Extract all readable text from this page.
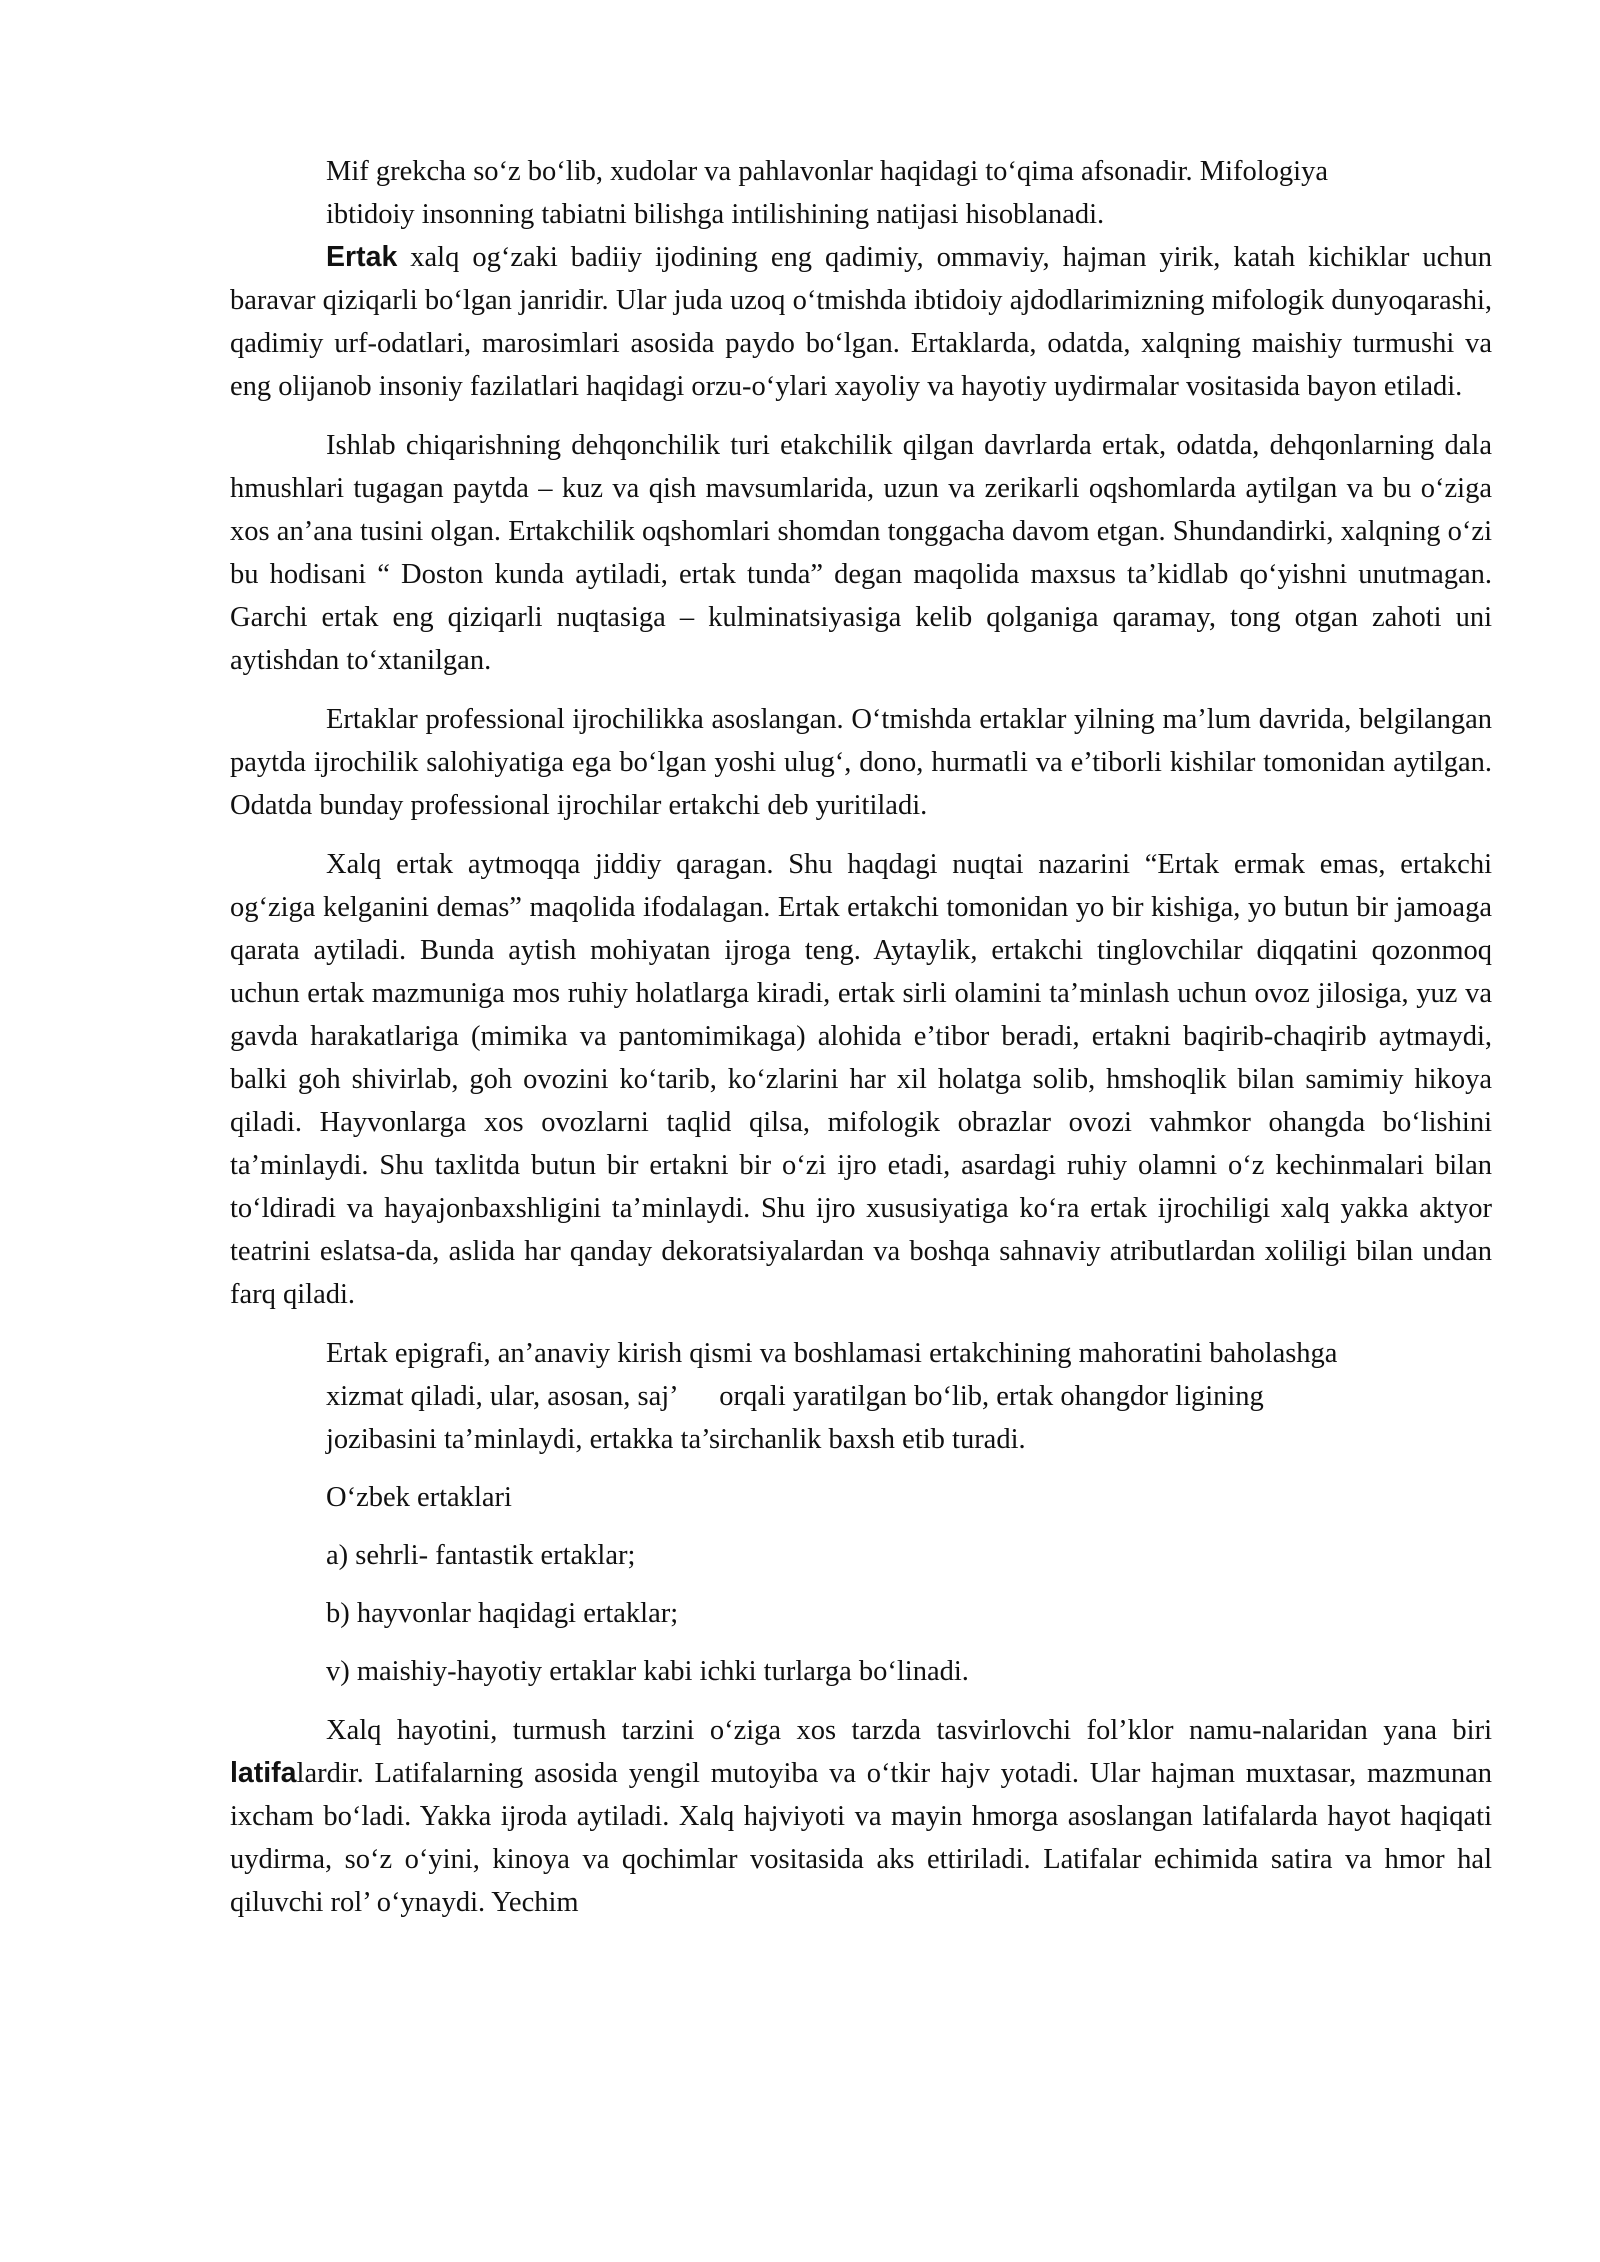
Mif grekcha so‘z bo‘lib, xudolar va pahlavonlar haqidagi to‘qima afsonadir. Mifologiya

ibtidoiy insonning tabiatni bilishga intilishining natijasi hisoblanadi.

Ertak xalq og‘zaki badiiy ijodining eng qadimiy, ommaviy, hajman yirik, katah kichiklar uchun baravar qiziqarli bo‘lgan janridir. Ular juda uzoq o‘tmishda ibtidoiy ajdodlarimizning mifologik dunyoqarashi, qadimiy urf-odatlari, marosimlari asosida paydo bo‘lgan. Ertaklarda, odatda, xalqning maishiy turmushi va eng olijanob insoniy fazilatlari haqidagi orzu-o‘ylari xayoliy va hayotiy uydirmalar vositasida bayon etiladi.

Ishlab chiqarishning dehqonchilik turi etakchilik qilgan davrlarda ertak, odatda, dehqonlarning dala hmushlari tugagan paytda – kuz va qish mavsumlarida, uzun va zerikarli oqshomlarda aytilgan va bu o‘ziga xos an’ana tusini olgan. Ertakchilik oqshomlari shomdan tonggacha davom etgan. Shundandirki, xalqning o‘zi bu hodisani “ Doston kunda aytiladi, ertak tunda” degan maqolida maxsus ta’kidlab qo‘yishni unutmagan. Garchi ertak eng qiziqarli nuqtasiga – kulminatsiyasiga kelib qolganiga qaramay, tong otgan zahoti uni aytishdan to‘xtanilgan.

Ertaklar professional ijrochilikka asoslangan. O‘tmishda ertaklar yilning ma’lum davrida, belgilangan paytda ijrochilik salohiyatiga ega bo‘lgan yoshi ulug‘, dono, hurmatli va e’tiborli kishilar tomonidan aytilgan. Odatda bunday professional ijrochilar ertakchi deb yuritiladi.

Xalq ertak aytmoqqa jiddiy qaragan. Shu haqdagi nuqtai nazarini “Ertak ermak emas, ertakchi og‘ziga kelganini demas” maqolida ifodalagan. Ertak ertakchi tomonidan yo bir kishiga, yo butun bir jamoaga qarata aytiladi. Bunda aytish mohiyatan ijroga teng. Aytaylik, ertakchi tinglovchilar diqqatini qozonmoq uchun ertak mazmuniga mos ruhiy holatlarga kiradi, ertak sirli olamini ta’minlash uchun ovoz jilosiga, yuz va gavda harakatlariga (mimika va pantomimikaga) alohida e’tibor beradi, ertakni baqirib-chaqirib aytmaydi, balki goh shivirlab, goh ovozini ko‘tarib, ko‘zlarini har xil holatga solib, hmshoqlik bilan samimiy hikoya qiladi. Hayvonlarga xos ovozlarni taqlid qilsa, mifologik obrazlar ovozi vahmkor ohangda bo‘lishini ta’minlaydi. Shu taxlitda butun bir ertakni bir o‘zi ijro etadi, asardagi ruhiy olamni o‘z kechinmalari bilan to‘ldiradi va hayajonbaxshligini ta’minlaydi. Shu ijro xususiyatiga ko‘ra ertak ijrochiligi xalq yakka aktyor teatrini eslatsa-da, aslida har qanday dekoratsiyalardan va boshqa sahnaviy atributlardan xoliligi bilan undan farq qiladi.

Ertak epigrafi, an’anaviy kirish qismi va boshlamasi ertakchining mahoratini baholashga

xizmat qiladi, ular, asosan, saj’      orqali yaratilgan bo‘lib, ertak ohangdor ligining

jozibasini ta’minlaydi, ertakka ta’sirchanlik baxsh etib turadi.

O‘zbek ertaklari

a) sehrli- fantastik ertaklar;

b) hayvonlar haqidagi ertaklar;

v) maishiy-hayotiy ertaklar kabi ichki turlarga bo‘linadi.

Xalq hayotini, turmush tarzini o‘ziga xos tarzda tasvirlovchi fol’klor namu-nalaridan yana biri latifalardir. Latifalarning asosida yengil mutoyiba va o‘tkir hajv yotadi. Ular hajman muxtasar, mazmunan ixcham bo‘ladi. Yakka ijroda aytiladi. Xalq hajviyoti va mayin hmorga asoslangan latifalarda hayot haqiqati uydirma, so‘z o‘yini, kinoya va qochimlar vositasida aks ettiriladi. Latifalar echimida satira va hmor hal qiluvchi rol’ o‘ynaydi. Yechim
